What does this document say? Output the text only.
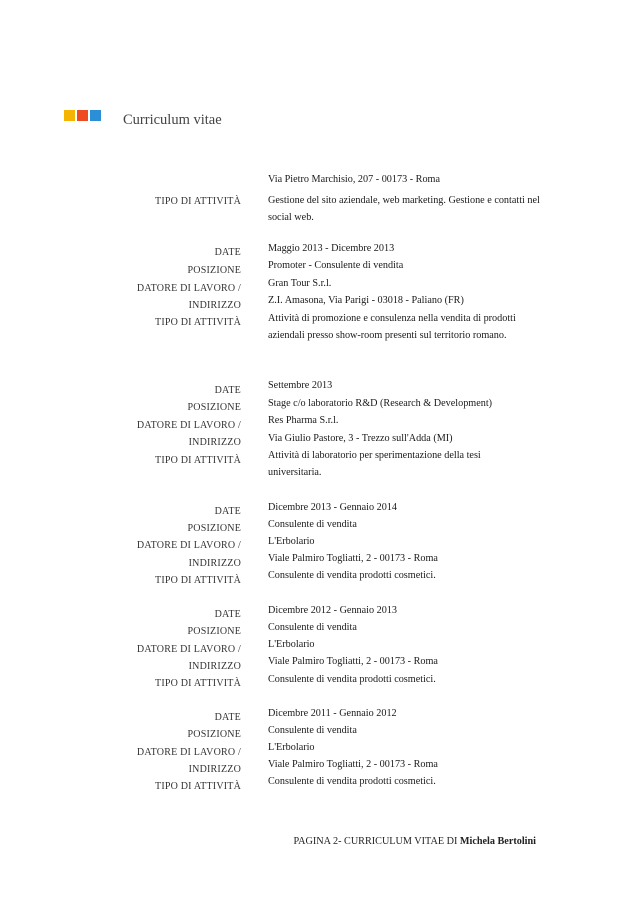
Curriculum vitae
Via Pietro Marchisio, 207 - 00173 - Roma
TIPO DI ATTIVITÀ	Gestione del sito aziendale, web marketing. Gestione e contatti nel social web.
DATE
POSIZIONE
DATORE DI LAVORO /
INDIRIZZO
TIPO DI ATTIVITÀ
Maggio 2013 - Dicembre 2013
Promoter - Consulente di vendita
Gran Tour S.r.l.
Z.I. Amasona, Via Parigi - 03018 - Paliano (FR)
Attività di promozione e consulenza nella vendita di prodotti aziendali presso show-room presenti sul territorio romano.
DATE
POSIZIONE
DATORE DI LAVORO /
INDIRIZZO
TIPO DI ATTIVITÀ
Settembre 2013
Stage c/o laboratorio R&D (Research & Development)
Res Pharma S.r.l.
Via Giulio Pastore, 3 - Trezzo sull'Adda (MI)
Attività di laboratorio per sperimentazione della tesi universitaria.
DATE
POSIZIONE
DATORE DI LAVORO /
INDIRIZZO
TIPO DI ATTIVITÀ
Dicembre 2013 - Gennaio 2014
Consulente di vendita
L'Erbolario
Viale Palmiro Togliatti, 2 - 00173 - Roma
Consulente di vendita prodotti cosmetici.
DATE
POSIZIONE
DATORE DI LAVORO /
INDIRIZZO
TIPO DI ATTIVITÀ
Dicembre 2012 - Gennaio 2013
Consulente di vendita
L'Erbolario
Viale Palmiro Togliatti, 2 - 00173 - Roma
Consulente di vendita prodotti cosmetici.
DATE
POSIZIONE
DATORE DI LAVORO /
INDIRIZZO
TIPO DI ATTIVITÀ
Dicembre 2011 - Gennaio 2012
Consulente di vendita
L'Erbolario
Viale Palmiro Togliatti, 2 - 00173 - Roma
Consulente di vendita prodotti cosmetici.
PAGINA 2- CURRICULUM VITAE DI Michela Bertolini
